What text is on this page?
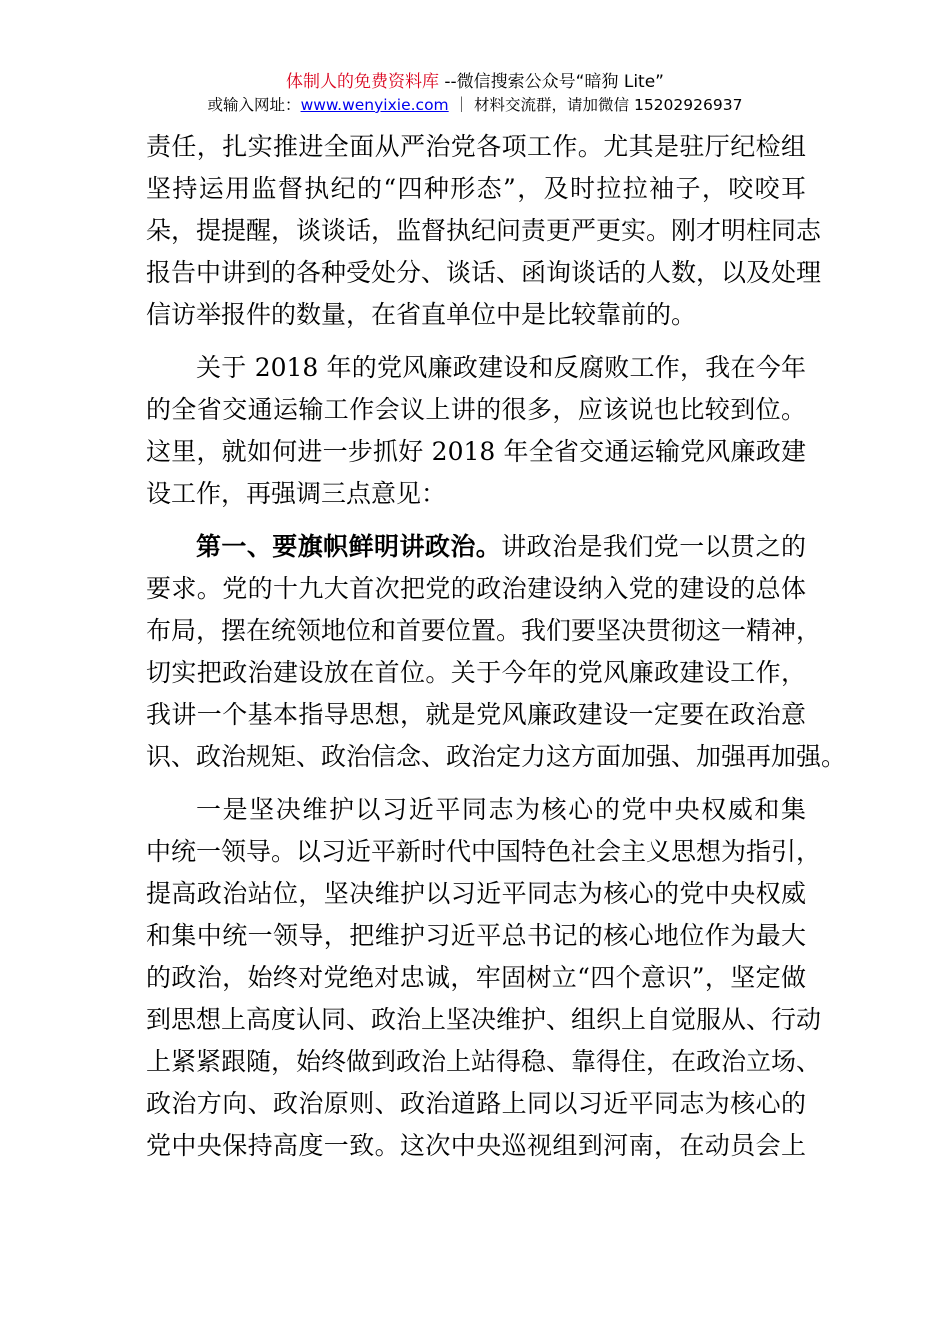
体制人的免费资料库 --微信搜索公众号“暗狗 Lite”
或输入网址：www.wenyixie.com ｜ 材料交流群，请加微信 15202926937
责任，扎实推进全面从严治党各项工作。尤其是驻厅纪检组
坚持运用监督执纪的“四种形态”，及时拉拉袖子，咬咬耳
朵，提提醒，谈谈话，监督执纪问责更严更实。刚才明柱同志
报告中讲到的各种受处分、谈话、函询谈话的人数，以及处理
信访举报件的数量，在省直单位中是比较靠前的。
关于 2018 年的党风廉政建设和反腐败工作，我在今年
的全省交通运输工作会议上讲的很多，应该说也比较到位。
这里，就如何进一步抓好 2018 年全省交通运输党风廉政建
设工作，再强调三点意见：
第一、要旗帜鲜明讲政治。讲政治是我们党一以贯之的
要求。党的十九大首次把党的政治建设纳入党的建设的总体
布局，摆在统领地位和首要位置。我们要坚决贯彻这一精神，
切实把政治建设放在首位。关于今年的党风廉政建设工作，
我讲一个基本指导思想，就是党风廉政建设一定要在政治意
识、政治规矩、政治信念、政治定力这方面加强、加强再加强。
一是坚决维护以习近平同志为核心的党中央权威和集
中统一领导。以习近平新时代中国特色社会主义思想为指引，
提高政治站位，坚决维护以习近平同志为核心的党中央权威
和集中统一领导，把维护习近平总书记的核心地位作为最大
的政治，始终对党绝对忠诚，牢固树立“四个意识”，坚定做
到思想上高度认同、政治上坚决维护、组织上自觉服从、行动
上紧紧跟随，始终做到政治上站得稳、靠得住，在政治立场、
政治方向、政治原则、政治道路上同以习近平同志为核心的
党中央保持高度一致。这次中央巡视组到河南，在动员会上
